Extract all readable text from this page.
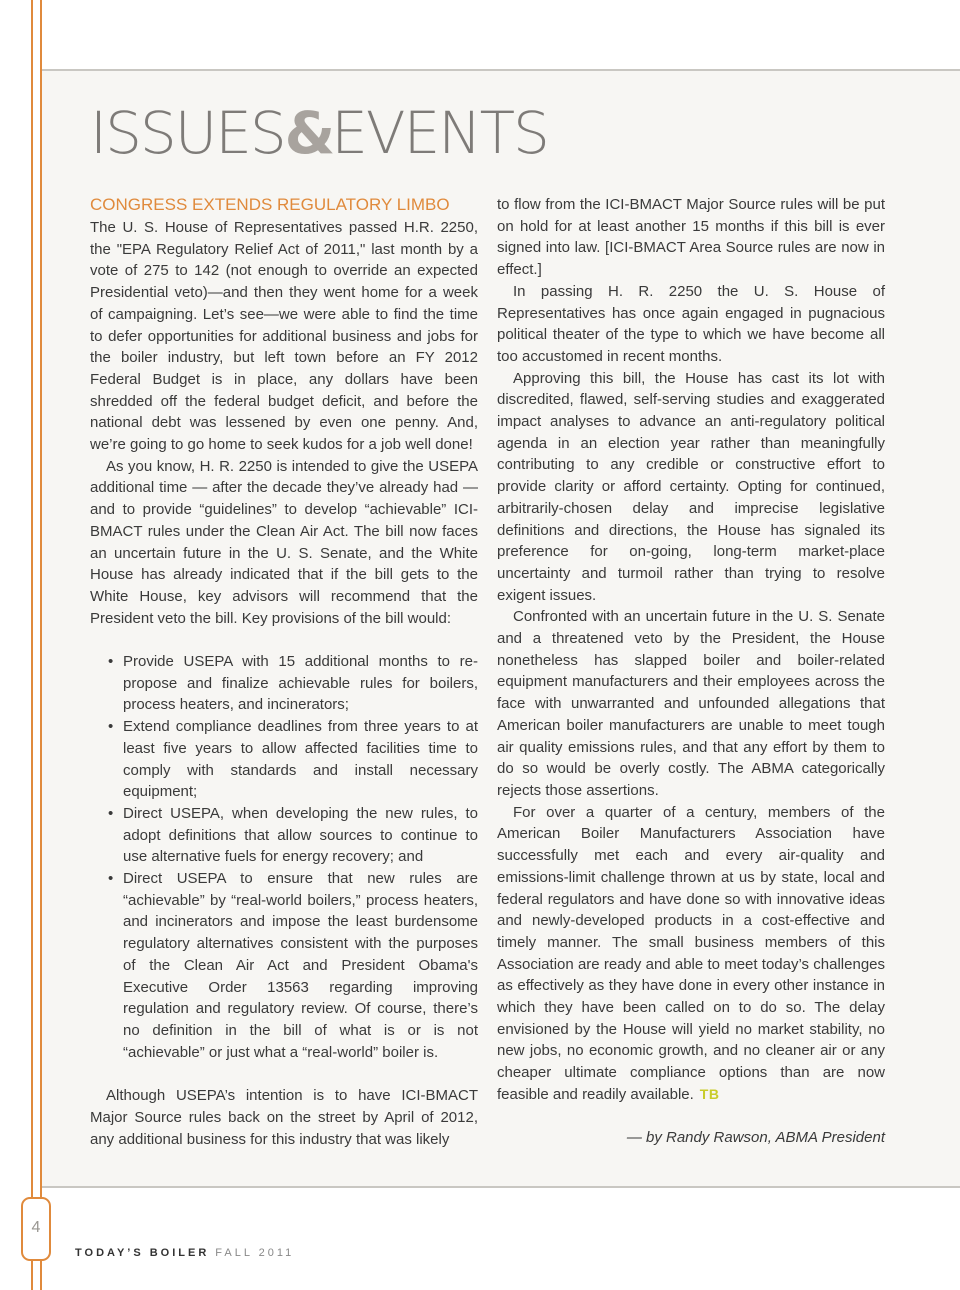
ISSUES&EVENTS
CONGRESS EXTENDS REGULATORY LIMBO

The U. S. House of Representatives passed H.R. 2250, the "EPA Regulatory Relief Act of 2011," last month by a vote of 275 to 142 (not enough to override an expected Presidential veto)—and then they went home for a week of campaigning. Let’s see—we were able to find the time to defer opportunities for additional business and jobs for the boiler industry, but left town before an FY 2012 Federal Budget is in place, any dollars have been shredded off the federal budget deficit, and before the national debt was lessened by even one penny. And, we’re going to go home to seek kudos for a job well done!

As you know, H. R. 2250 is intended to give the USEPA additional time — after the decade they’ve already had — and to provide “guidelines” to develop “achievable” ICI-BMACT rules under the Clean Air Act. The bill now faces an uncertain future in the U. S. Senate, and the White House has already indicated that if the bill gets to the White House, key advisors will recommend that the President veto the bill. Key provisions of the bill would:

• Provide USEPA with 15 additional months to re-propose and finalize achievable rules for boilers, process heaters, and incinerators;
• Extend compliance deadlines from three years to at least five years to allow affected facilities time to comply with standards and install necessary equipment;
• Direct USEPA, when developing the new rules, to adopt definitions that allow sources to continue to use alternative fuels for energy recovery; and
• Direct USEPA to ensure that new rules are “achievable” by “real-world boilers,” process heaters, and incinerators and impose the least burdensome regulatory alternatives consistent with the purposes of the Clean Air Act and President Obama's Executive Order 13563 regarding improving regulation and regulatory review. Of course, there’s no definition in the bill of what is or is not “achievable” or just what a “real-world” boiler is.

Although USEPA’s intention is to have ICI-BMACT Major Source rules back on the street by April of 2012, any additional business for this industry that was likely

to flow from the ICI-BMACT Major Source rules will be put on hold for at least another 15 months if this bill is ever signed into law. [ICI-BMACT Area Source rules are now in effect.]

In passing H. R. 2250 the U. S. House of Representatives has once again engaged in pugnacious political theater of the type to which we have become all too accustomed in recent months.

Approving this bill, the House has cast its lot with discredited, flawed, self-serving studies and exaggerated impact analyses to advance an anti-regulatory political agenda in an election year rather than meaningfully contributing to any credible or constructive effort to provide clarity or afford certainty. Opting for continued, arbitrarily-chosen delay and imprecise legislative definitions and directions, the House has signaled its preference for on-going, long-term market-place uncertainty and turmoil rather than trying to resolve exigent issues.

Confronted with an uncertain future in the U. S. Senate and a threatened veto by the President, the House nonetheless has slapped boiler and boiler-related equipment manufacturers and their employees across the face with unwarranted and unfounded allegations that American boiler manufacturers are unable to meet tough air quality emissions rules, and that any effort by them to do so would be overly costly. The ABMA categorically rejects those assertions.

For over a quarter of a century, members of the American Boiler Manufacturers Association have successfully met each and every air-quality and emissions-limit challenge thrown at us by state, local and federal regulators and have done so with innovative ideas and newly-developed products in a cost-effective and timely manner. The small business members of this Association are ready and able to meet today’s challenges as effectively as they have done in every other instance in which they have been called on to do so. The delay envisioned by the House will yield no market stability, no new jobs, no economic growth, and no cleaner air or any cheaper ultimate compliance options than are now feasible and readily available. TB

— by Randy Rawson, ABMA President

4
TODAY’S BOILER FALL 2011
